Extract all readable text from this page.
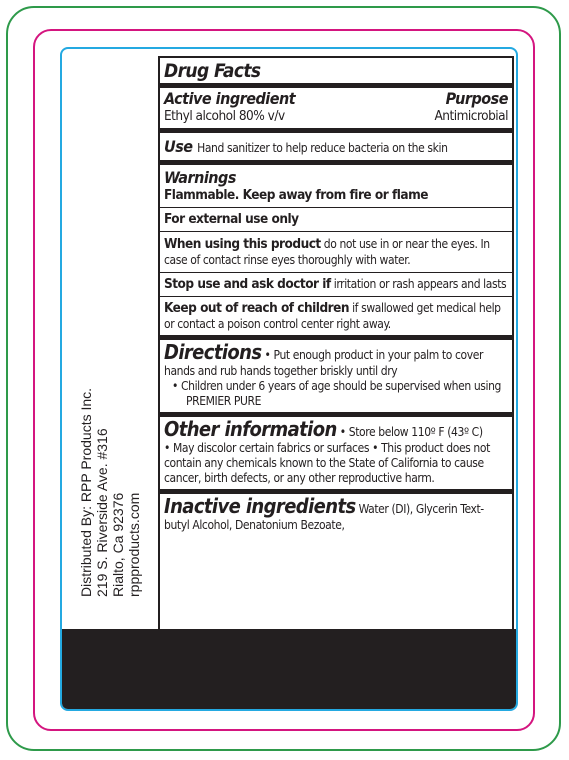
Distributed By: RPP Products Inc. 219 S. Riverside Ave. #316 Rialto, Ca 92376 rppproducts.com
Drug Facts
Active ingredient	Purpose
Ethyl alcohol 80% v/v	Antimicrobial
Use Hand sanitizer to help reduce bacteria on the skin
Warnings
Flammable. Keep away from fire or flame
For external use only
When using this product do not use in or near the eyes. In case of contact rinse eyes thoroughly with water.
Stop use and ask doctor if irritation or rash appears and lasts
Keep out of reach of children if swallowed get medical help or contact a poison control center right away.
Directions • Put enough product in your palm to cover hands and rub hands together briskly until dry
• Children under 6 years of age should be supervised when using PREMIER PURE
Other information • Store below 110º F (43º C)
• May discolor certain fabrics or surfaces • This product does not contain any chemicals known to the State of California to cause cancer, birth defects, or any other reproductive harm.
Inactive ingredients Water (DI), Glycerin Text-butyl Alcohol, Denatonium Bezoate,
